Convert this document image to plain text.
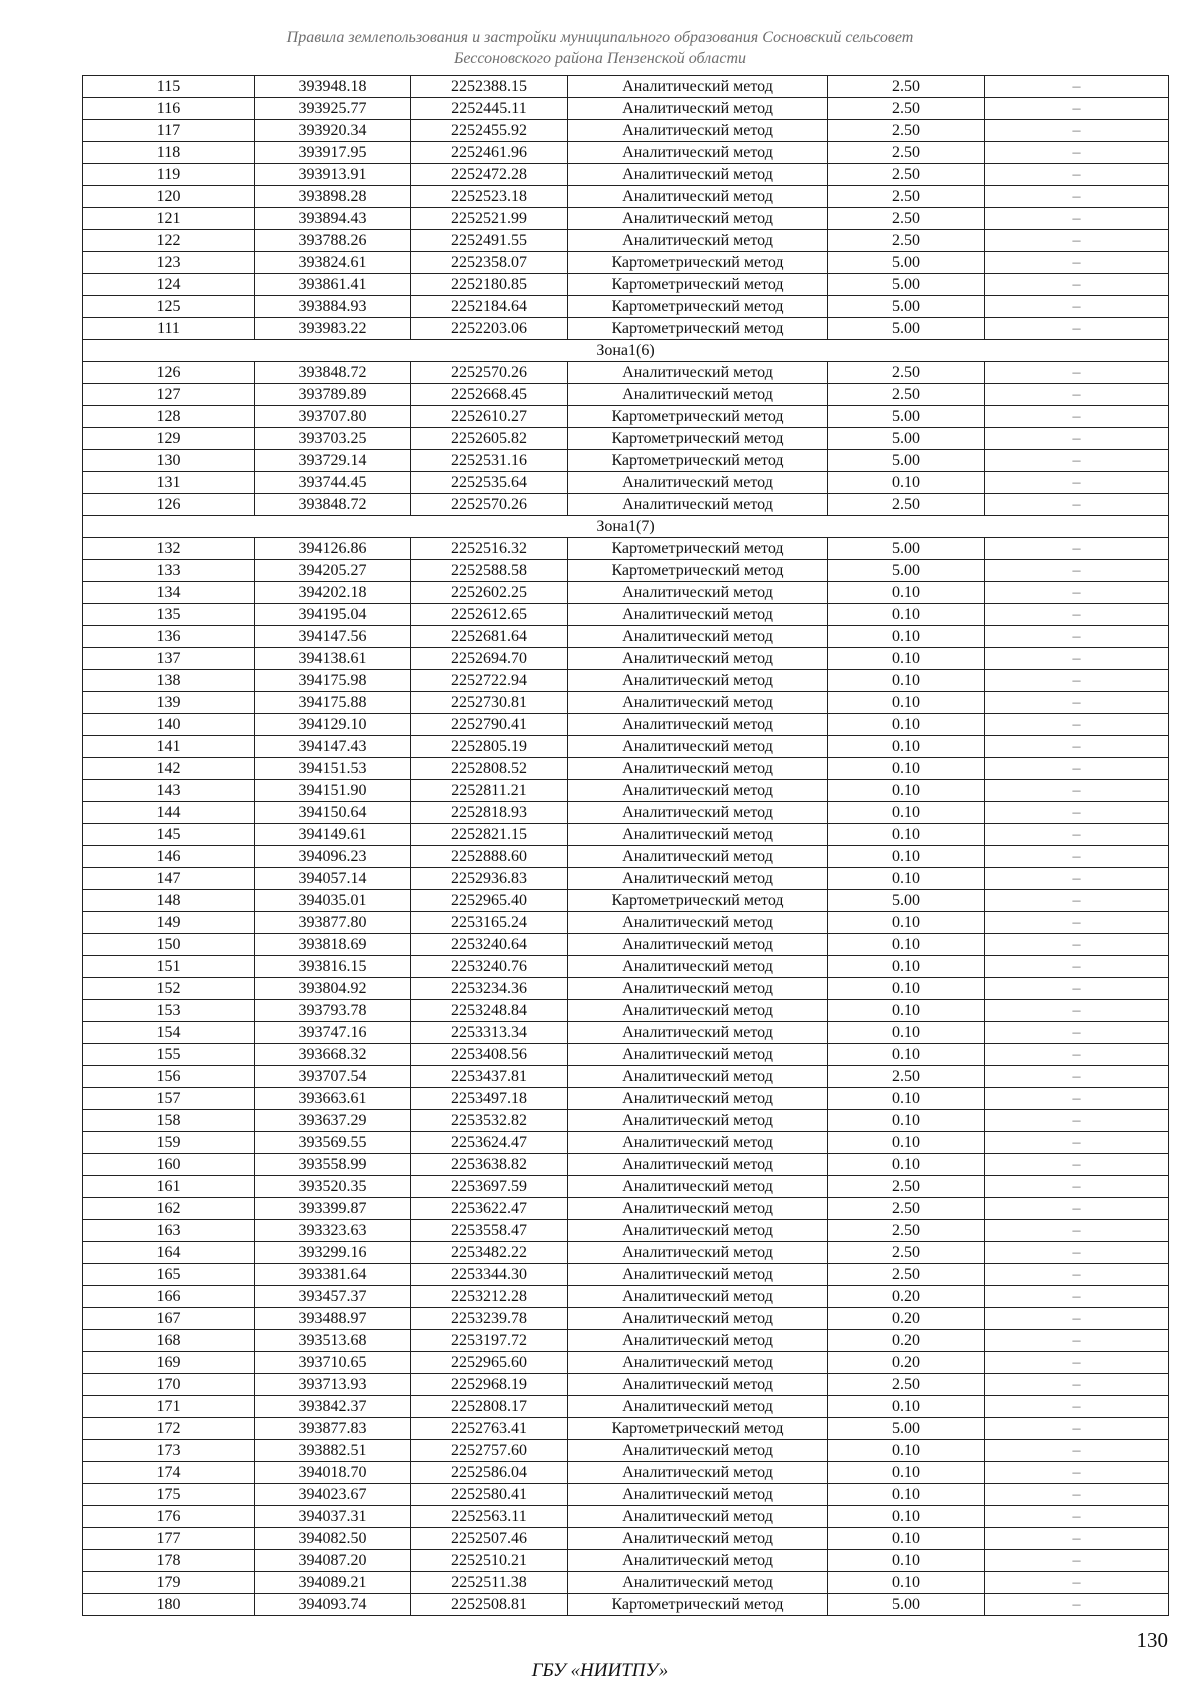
Правила землепользования и застройки муниципального образования Сосновский сельсовет
Бессоновского района Пензенской области
115	393948.18	2252388.15	Аналитический метод	2.50	–
116	393925.77	2252445.11	Аналитический метод	2.50	–
117	393920.34	2252455.92	Аналитический метод	2.50	–
118	393917.95	2252461.96	Аналитический метод	2.50	–
119	393913.91	2252472.28	Аналитический метод	2.50	–
120	393898.28	2252523.18	Аналитический метод	2.50	–
121	393894.43	2252521.99	Аналитический метод	2.50	–
122	393788.26	2252491.55	Аналитический метод	2.50	–
123	393824.61	2252358.07	Картометрический метод	5.00	–
124	393861.41	2252180.85	Картометрический метод	5.00	–
125	393884.93	2252184.64	Картометрический метод	5.00	–
111	393983.22	2252203.06	Картометрический метод	5.00	–
Зона1(6)					
126	393848.72	2252570.26	Аналитический метод	2.50	–
127	393789.89	2252668.45	Аналитический метод	2.50	–
128	393707.80	2252610.27	Картометрический метод	5.00	–
129	393703.25	2252605.82	Картометрический метод	5.00	–
130	393729.14	2252531.16	Картометрический метод	5.00	–
131	393744.45	2252535.64	Аналитический метод	0.10	–
126	393848.72	2252570.26	Аналитический метод	2.50	–
Зона1(7)					
132	394126.86	2252516.32	Картометрический метод	5.00	–
133	394205.27	2252588.58	Картометрический метод	5.00	–
134	394202.18	2252602.25	Аналитический метод	0.10	–
135	394195.04	2252612.65	Аналитический метод	0.10	–
136	394147.56	2252681.64	Аналитический метод	0.10	–
137	394138.61	2252694.70	Аналитический метод	0.10	–
138	394175.98	2252722.94	Аналитический метод	0.10	–
139	394175.88	2252730.81	Аналитический метод	0.10	–
140	394129.10	2252790.41	Аналитический метод	0.10	–
141	394147.43	2252805.19	Аналитический метод	0.10	–
142	394151.53	2252808.52	Аналитический метод	0.10	–
143	394151.90	2252811.21	Аналитический метод	0.10	–
144	394150.64	2252818.93	Аналитический метод	0.10	–
145	394149.61	2252821.15	Аналитический метод	0.10	–
146	394096.23	2252888.60	Аналитический метод	0.10	–
147	394057.14	2252936.83	Аналитический метод	0.10	–
148	394035.01	2252965.40	Картометрический метод	5.00	–
149	393877.80	2253165.24	Аналитический метод	0.10	–
150	393818.69	2253240.64	Аналитический метод	0.10	–
151	393816.15	2253240.76	Аналитический метод	0.10	–
152	393804.92	2253234.36	Аналитический метод	0.10	–
153	393793.78	2253248.84	Аналитический метод	0.10	–
154	393747.16	2253313.34	Аналитический метод	0.10	–
155	393668.32	2253408.56	Аналитический метод	0.10	–
156	393707.54	2253437.81	Аналитический метод	2.50	–
157	393663.61	2253497.18	Аналитический метод	0.10	–
158	393637.29	2253532.82	Аналитический метод	0.10	–
159	393569.55	2253624.47	Аналитический метод	0.10	–
160	393558.99	2253638.82	Аналитический метод	0.10	–
161	393520.35	2253697.59	Аналитический метод	2.50	–
162	393399.87	2253622.47	Аналитический метод	2.50	–
163	393323.63	2253558.47	Аналитический метод	2.50	–
164	393299.16	2253482.22	Аналитический метод	2.50	–
165	393381.64	2253344.30	Аналитический метод	2.50	–
166	393457.37	2253212.28	Аналитический метод	0.20	–
167	393488.97	2253239.78	Аналитический метод	0.20	–
168	393513.68	2253197.72	Аналитический метод	0.20	–
169	393710.65	2252965.60	Аналитический метод	0.20	–
170	393713.93	2252968.19	Аналитический метод	2.50	–
171	393842.37	2252808.17	Аналитический метод	0.10	–
172	393877.83	2252763.41	Картометрический метод	5.00	–
173	393882.51	2252757.60	Аналитический метод	0.10	–
174	394018.70	2252586.04	Аналитический метод	0.10	–
175	394023.67	2252580.41	Аналитический метод	0.10	–
176	394037.31	2252563.11	Аналитический метод	0.10	–
177	394082.50	2252507.46	Аналитический метод	0.10	–
178	394087.20	2252510.21	Аналитический метод	0.10	–
179	394089.21	2252511.38	Аналитический метод	0.10	–
180	394093.74	2252508.81	Картометрический метод	5.00	–
130
ГБУ «НИИТПУ»
